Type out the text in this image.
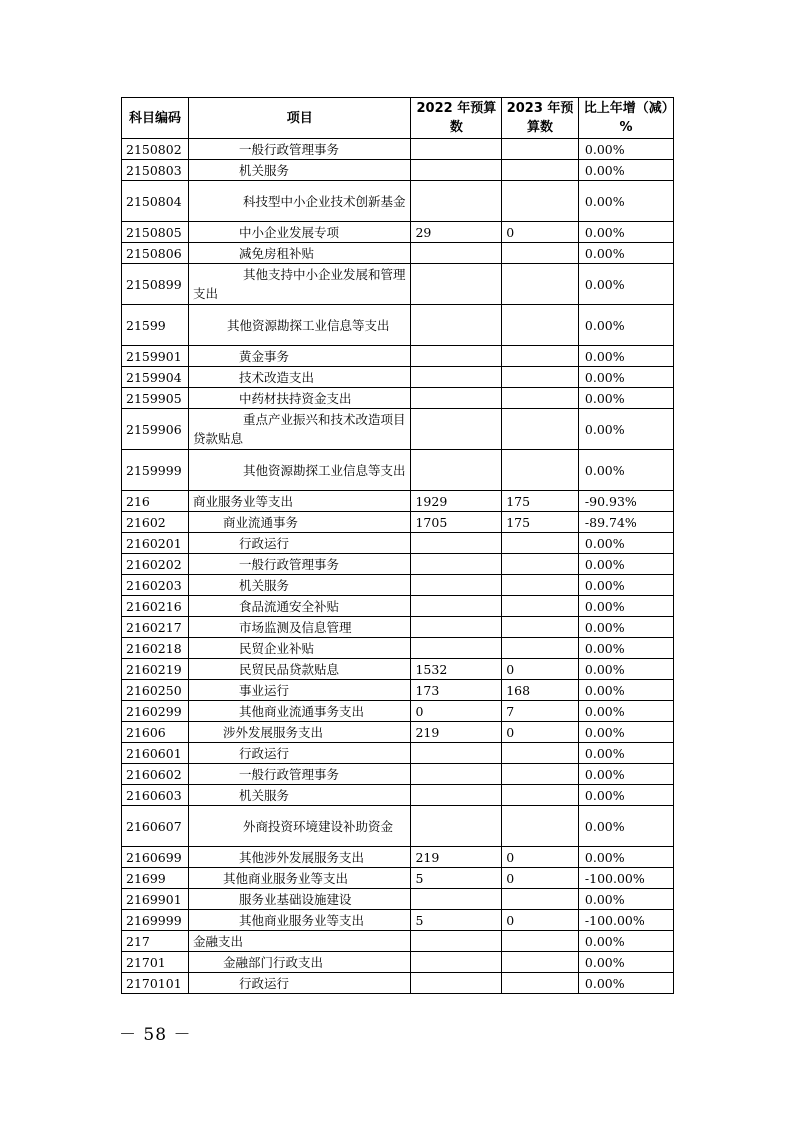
科目编码	项目	2022 年预算数	2023 年预算数	比上年增（减）%
2150802	一般行政管理事务			0.00%
2150803	机关服务			0.00%
2150804	科技型中小企业技术创新基金			0.00%
2150805	中小企业发展专项	29	0	0.00%
2150806	减免房租补贴			0.00%
2150899	其他支持中小企业发展和管理支出			0.00%
21599	其他资源勘探工业信息等支出			0.00%
2159901	黄金事务			0.00%
2159904	技术改造支出			0.00%
2159905	中药材扶持资金支出			0.00%
2159906	重点产业振兴和技术改造项目贷款贴息			0.00%
2159999	其他资源勘探工业信息等支出			0.00%
216	商业服务业等支出	1929	175	-90.93%
21602	商业流通事务	1705	175	-89.74%
2160201	行政运行			0.00%
2160202	一般行政管理事务			0.00%
2160203	机关服务			0.00%
2160216	食品流通安全补贴			0.00%
2160217	市场监测及信息管理			0.00%
2160218	民贸企业补贴			0.00%
2160219	民贸民品贷款贴息	1532	0	0.00%
2160250	事业运行	173	168	0.00%
2160299	其他商业流通事务支出	0	7	0.00%
21606	涉外发展服务支出	219	0	0.00%
2160601	行政运行			0.00%
2160602	一般行政管理事务			0.00%
2160603	机关服务			0.00%
2160607	外商投资环境建设补助资金			0.00%
2160699	其他涉外发展服务支出	219	0	0.00%
21699	其他商业服务业等支出	5	0	-100.00%
2169901	服务业基础设施建设			0.00%
2169999	其他商业服务业等支出	5	0	-100.00%
217	金融支出			0.00%
21701	金融部门行政支出			0.00%
2170101	行政运行			0.00%
－ 58 －
